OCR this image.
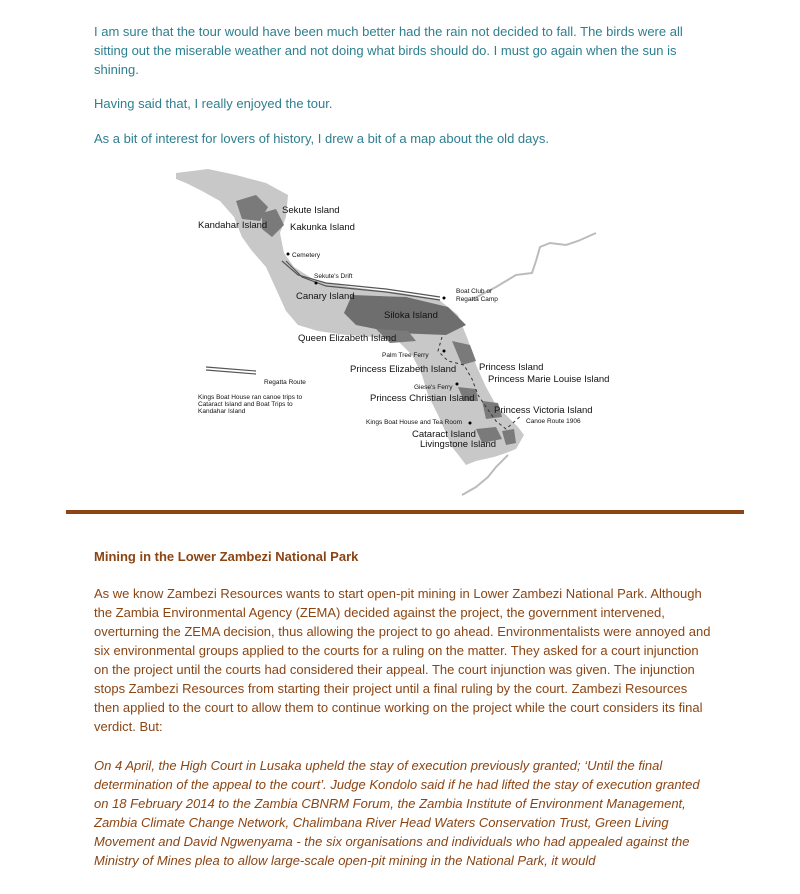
I am sure that the tour would have been much better had the rain not decided to fall. The birds were all sitting out the miserable weather and not doing what birds should do. I must go again when the sun is shining.

Having said that, I really enjoyed the tour.

As a bit of interest for lovers of history, I drew a bit of a map about the old days.

Sekute Island
Kandahar Island Kakunka Island
Cemetery
Sekute's Drift
Canary Island	Boat Club or
Regatta Camp
Siloka Island
Queen Elizabeth Island
Palm Tree Ferry
Princess Elizabeth Island Princess Island
Princess Marie Louise Island
Regatta Route
Kings Boat House ran canoe trips to
Cataract Island and Boat Trips to
Kandahar Island
Giese's Ferry
Princess Christian Island
Princess Victoria Island
Kings Boat House and Tea Room	Canoe Route 1906
Cataract Island
Livingstone Island

Mining in the Lower Zambezi National Park

As we know Zambezi Resources wants to start open-pit mining in Lower Zambezi National Park. Although the Zambia Environmental Agency (ZEMA) decided against the project, the government intervened, overturning the ZEMA decision, thus allowing the project to go ahead. Environmentalists were annoyed and six environmental groups applied to the courts for a ruling on the matter. They asked for a court injunction on the project until the courts had considered their appeal. The court injunction was given. The injunction stops Zambezi Resources from starting their project until a final ruling by the court. Zambezi Resources then applied to the court to allow them to continue working on the project while the court considers its final verdict. But:

On 4 April, the High Court in Lusaka upheld the stay of execution previously granted; ‘Until the final determination of the appeal to the court’. Judge Kondolo said if he had lifted the stay of execution granted on 18 February 2014 to the Zambia CBNRM Forum, the Zambia Institute of Environment Management, Zambia Climate Change Network, Chalimbana River Head Waters Conservation Trust, Green Living Movement and David Ngwenyama - the six organisations and individuals who had appealed against the Ministry of Mines plea to allow large-scale open-pit mining in the National Park, it would
